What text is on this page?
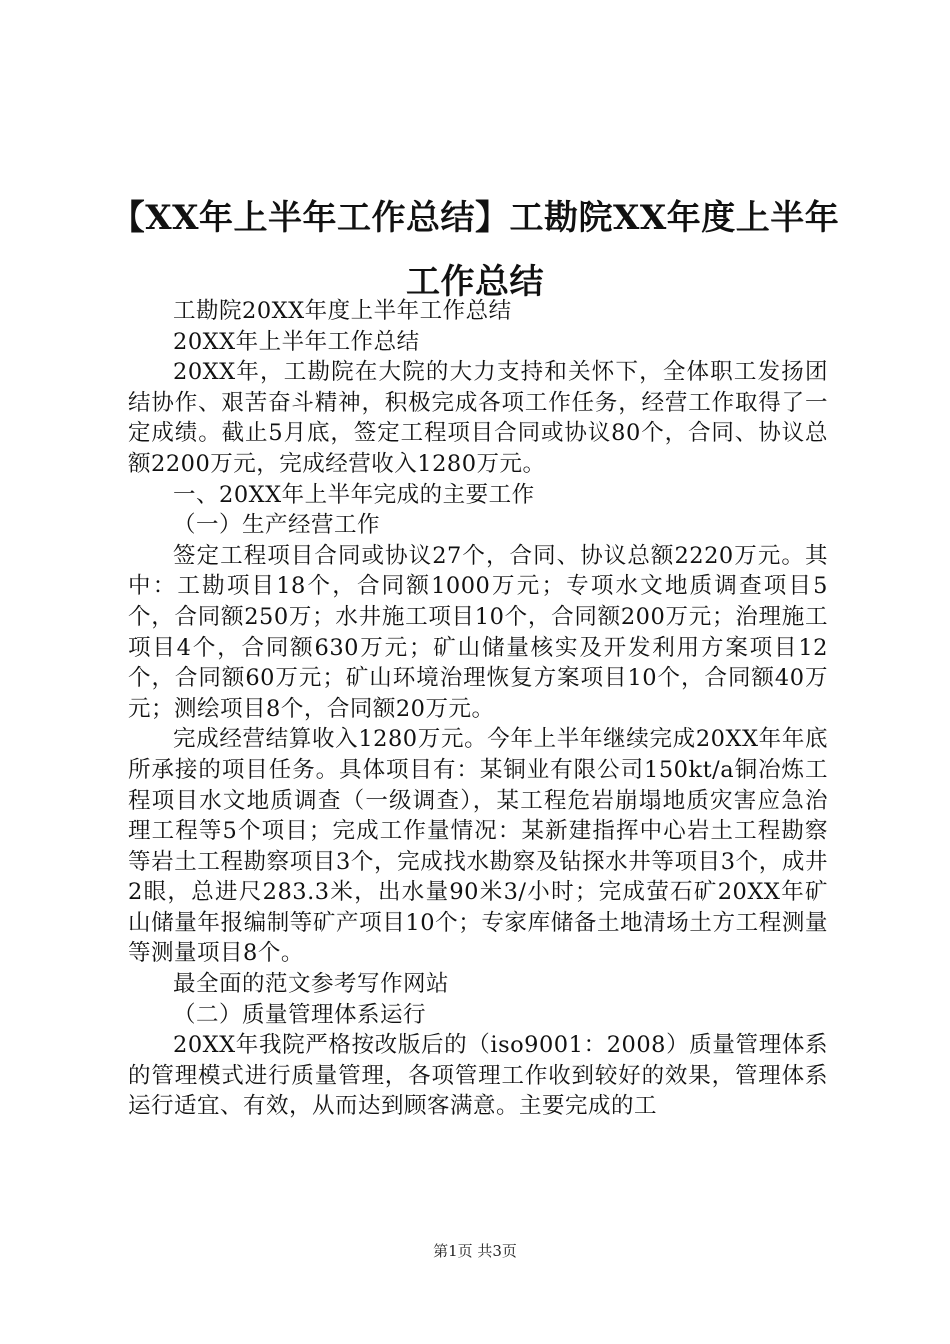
【XX年上半年工作总结】工勘院XX年度上半年工作总结

工勘院20XX年度上半年工作总结

20XX年上半年工作总结

20XX年，工勘院在大院的大力支持和关怀下，全体职工发扬团结协作、艰苦奋斗精神，积极完成各项工作任务，经营工作取得了一定成绩。截止5月底，签定工程项目合同或协议80个，合同、协议总额2200万元，完成经营收入1280万元。

一、20XX年上半年完成的主要工作

（一）生产经营工作

签定工程项目合同或协议27个，合同、协议总额2220万元。其中：工勘项目18个，合同额1000万元；专项水文地质调查项目5个，合同额250万；水井施工项目10个，合同额200万元；治理施工项目4个，合同额630万元；矿山储量核实及开发利用方案项目12个，合同额60万元；矿山环境治理恢复方案项目10个，合同额40万元；测绘项目8个，合同额20万元。

完成经营结算收入1280万元。今年上半年继续完成20XX年年底所承接的项目任务。具体项目有：某铜业有限公司150kt/a铜冶炼工程项目水文地质调查（一级调查），某工程危岩崩塌地质灾害应急治理工程等5个项目；完成工作量情况：某新建指挥中心岩土工程勘察等岩土工程勘察项目3个，完成找水勘察及钻探水井等项目3个，成井2眼，总进尺283.3米，出水量90米3/小时；完成萤石矿20XX年矿山储量年报编制等矿产项目10个；专家库储备土地清场土方工程测量等测量项目8个。

最全面的范文参考写作网站

（二）质量管理体系运行

20XX年我院严格按改版后的（iso9001：2008）质量管理体系的管理模式进行质量管理，各项管理工作收到较好的效果，管理体系运行适宜、有效，从而达到顾客满意。主要完成的工

第1页 共3页
